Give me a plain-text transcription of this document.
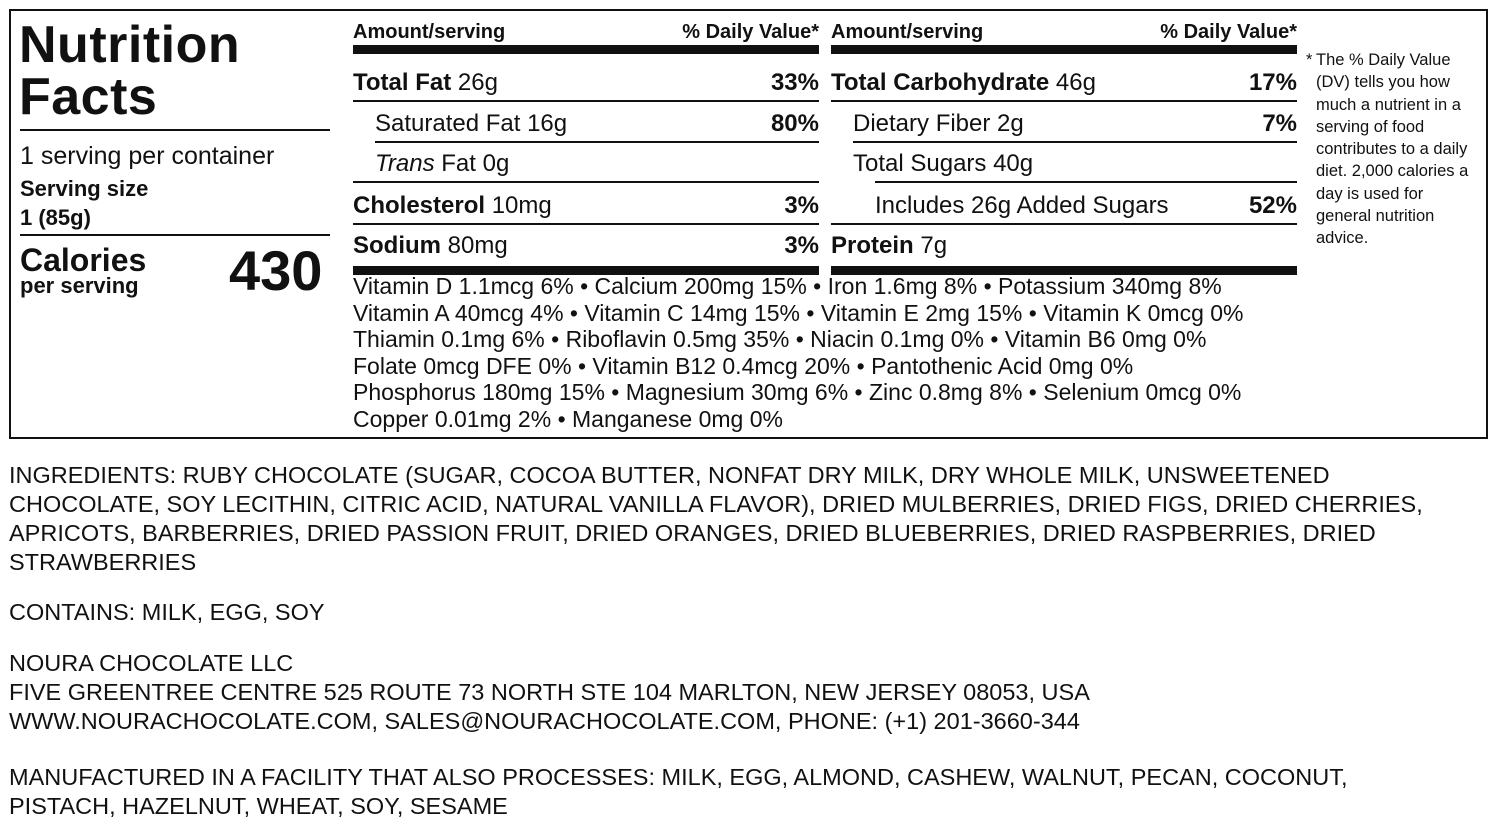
Nutrition
Facts
1 serving per container
Serving size
1 (85g)
Calories
per serving 430
Amount/serving	% Daily Value*
Total Fat 26g	33%
Saturated Fat 16g	80%
Trans Fat 0g
Cholesterol 10mg	3%
Sodium 80mg	3%
Amount/serving	% Daily Value*
Total Carbohydrate 46g	17%
Dietary Fiber 2g	7%
Total Sugars 40g
Includes 26g Added Sugars	52%
Protein 7g
Vitamin D 1.1mcg 6% • Calcium 200mg 15% • Iron 1.6mg 8% • Potassium 340mg 8%
Vitamin A 40mcg 4% • Vitamin C 14mg 15% • Vitamin E 2mg 15% • Vitamin K 0mcg 0%
Thiamin 0.1mg 6% • Riboflavin 0.5mg 35% • Niacin 0.1mg 0% • Vitamin B6 0mg 0%
Folate 0mcg DFE 0% • Vitamin B12 0.4mcg 20% • Pantothenic Acid 0mg 0%
Phosphorus 180mg 15% • Magnesium 30mg 6% • Zinc 0.8mg 8% • Selenium 0mcg 0%
Copper 0.01mg 2% • Manganese 0mg 0%
* The % Daily Value (DV) tells you how much a nutrient in a serving of food contributes to a daily diet. 2,000 calories a day is used for general nutrition advice.
INGREDIENTS: RUBY CHOCOLATE (SUGAR, COCOA BUTTER, NONFAT DRY MILK, DRY WHOLE MILK, UNSWEETENED
CHOCOLATE, SOY LECITHIN, CITRIC ACID, NATURAL VANILLA FLAVOR), DRIED MULBERRIES, DRIED FIGS, DRIED CHERRIES,
APRICOTS, BARBERRIES, DRIED PASSION FRUIT, DRIED ORANGES, DRIED BLUEBERRIES, DRIED RASPBERRIES, DRIED
STRAWBERRIES
CONTAINS: MILK, EGG, SOY
NOURA CHOCOLATE LLC
FIVE GREENTREE CENTRE 525 ROUTE 73 NORTH STE 104 MARLTON, NEW JERSEY 08053, USA
WWW.NOURACHOCOLATE.COM, SALES@NOURACHOCOLATE.COM, PHONE: (+1) 201-3660-344
MANUFACTURED IN A FACILITY THAT ALSO PROCESSES: MILK, EGG, ALMOND, CASHEW, WALNUT, PECAN, COCONUT,
PISTACH, HAZELNUT, WHEAT, SOY, SESAME
